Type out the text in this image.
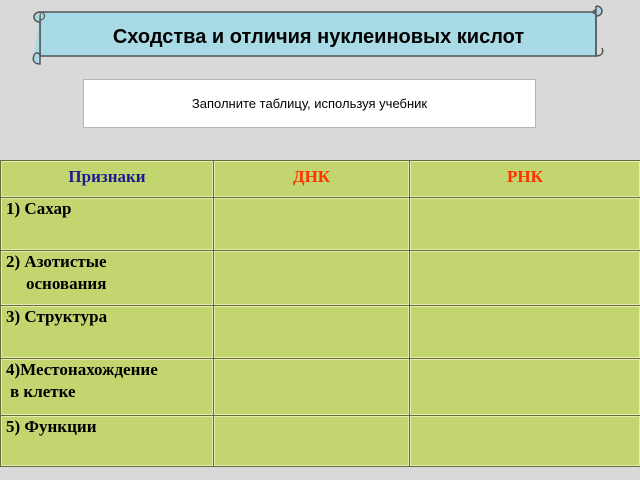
Сходства и отличия нуклеиновых кислот
Заполните таблицу, используя учебник
Признаки	ДНК	РНК
1) Сахар	

2) Азотистые
основания		

3) Структура	

4)Местонахождение
в клетке		

5) Функции	
